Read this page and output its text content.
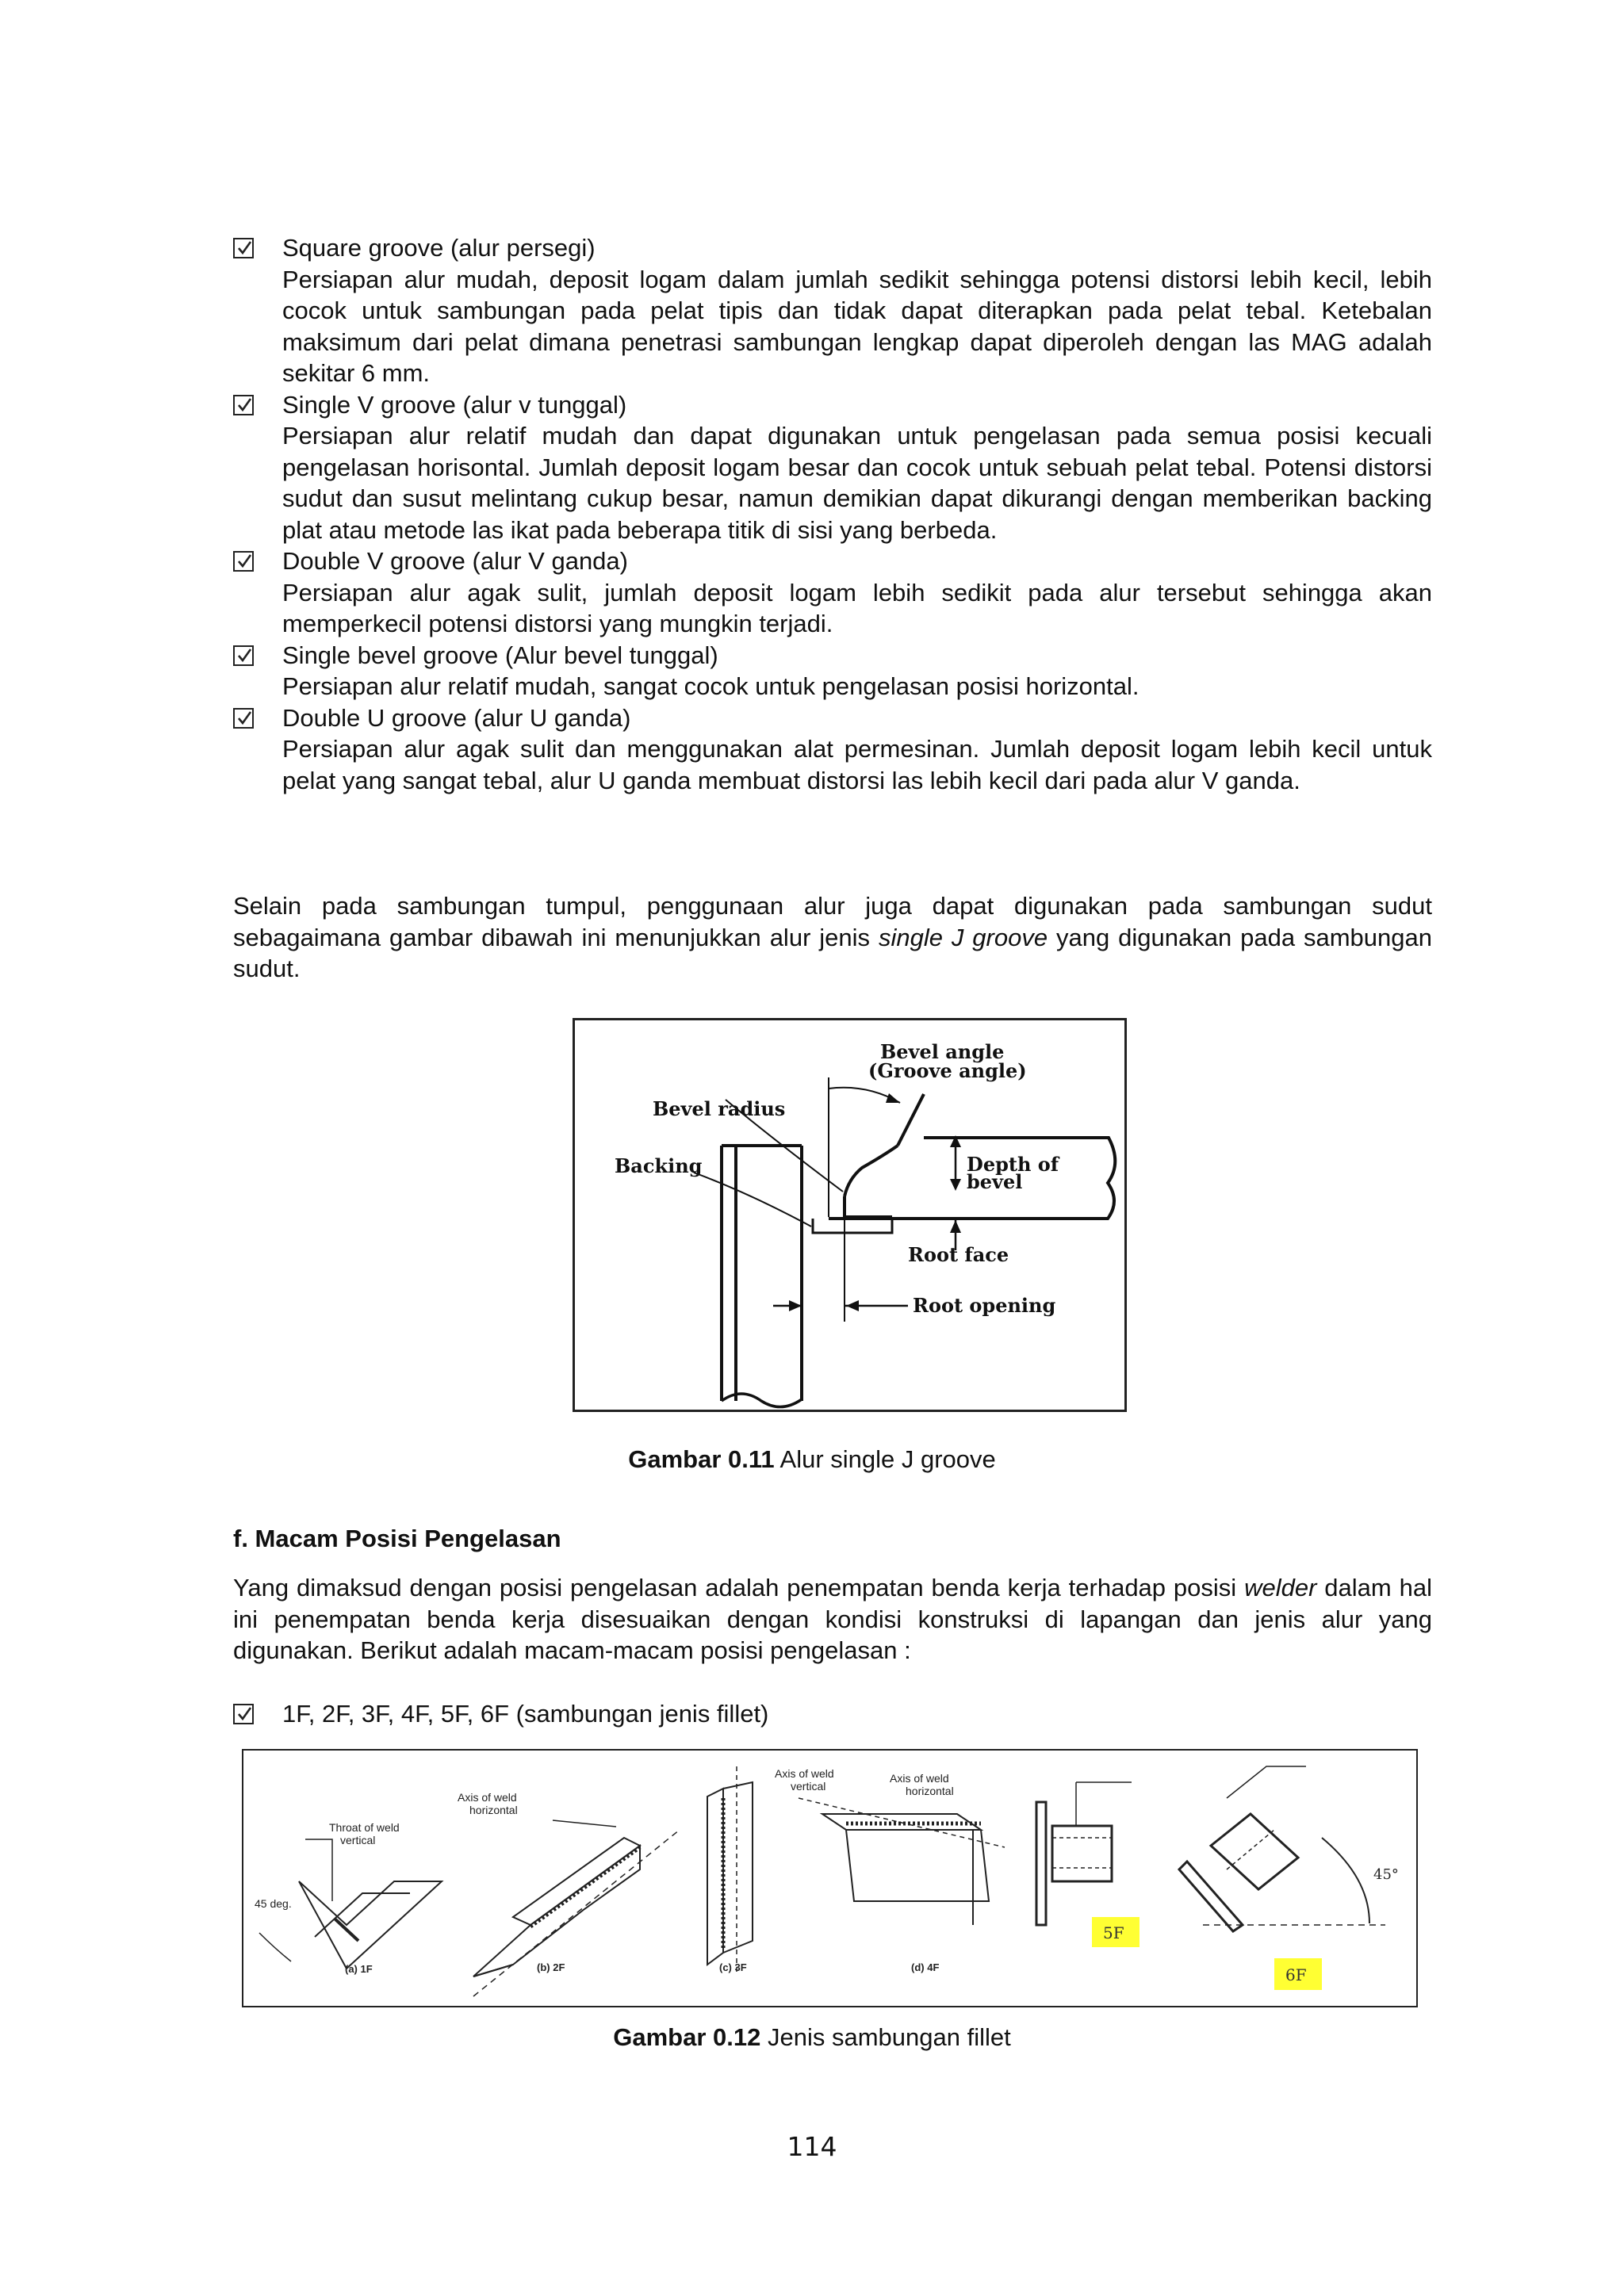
Square groove (alur persegi)
Persiapan alur mudah, deposit logam dalam jumlah sedikit sehingga potensi distorsi lebih kecil, lebih cocok untuk sambungan pada pelat tipis dan tidak dapat diterapkan pada pelat tebal. Ketebalan maksimum dari pelat dimana penetrasi sambungan lengkap dapat diperoleh dengan las MAG adalah sekitar 6 mm.
Single V groove (alur v tunggal)
Persiapan alur relatif mudah dan dapat digunakan untuk pengelasan pada semua posisi kecuali pengelasan horisontal. Jumlah deposit logam besar dan cocok untuk sebuah pelat tebal. Potensi distorsi sudut dan susut melintang cukup besar, namun demikian dapat dikurangi dengan memberikan backing plat atau metode las ikat pada beberapa titik di sisi yang berbeda.
Double V groove (alur V ganda)
Persiapan alur agak sulit, jumlah deposit logam lebih sedikit pada alur tersebut sehingga akan memperkecil potensi distorsi yang mungkin terjadi.
Single bevel groove (Alur bevel tunggal)
Persiapan alur relatif mudah, sangat cocok untuk pengelasan posisi horizontal.
Double U groove (alur U ganda)
Persiapan alur agak sulit dan menggunakan alat permesinan. Jumlah deposit logam lebih kecil untuk pelat yang sangat tebal, alur U ganda membuat distorsi las lebih kecil dari pada alur V ganda.

Selain pada sambungan tumpul, penggunaan alur juga dapat digunakan pada sambungan sudut sebagaimana gambar dibawah ini menunjukkan alur jenis single J groove yang digunakan pada sambungan sudut.

Bevel angle
(Groove angle)
Bevel radius
Backing	Depth of
bevel
Root face
Root opening
Gambar 0.11 Alur single J groove
f. Macam Posisi Pengelasan

Yang dimaksud dengan posisi pengelasan adalah penempatan benda kerja terhadap posisi welder dalam hal ini penempatan benda kerja disesuaikan dengan kondisi konstruksi di lapangan dan jenis alur yang digunakan. Berikut adalah macam-macam posisi pengelasan :

1F, 2F, 3F, 4F, 5F, 6F (sambungan jenis fillet)
Throat of weld
vertical
45 deg.
Axis of weld
horizontal
Axis of weld
vertical
Axis of weld
horizontal
(a) 1F	(b) 2F	(c) 3F	(d) 4F
5F
6F
45°
Gambar 0.12 Jenis sambungan fillet
114
